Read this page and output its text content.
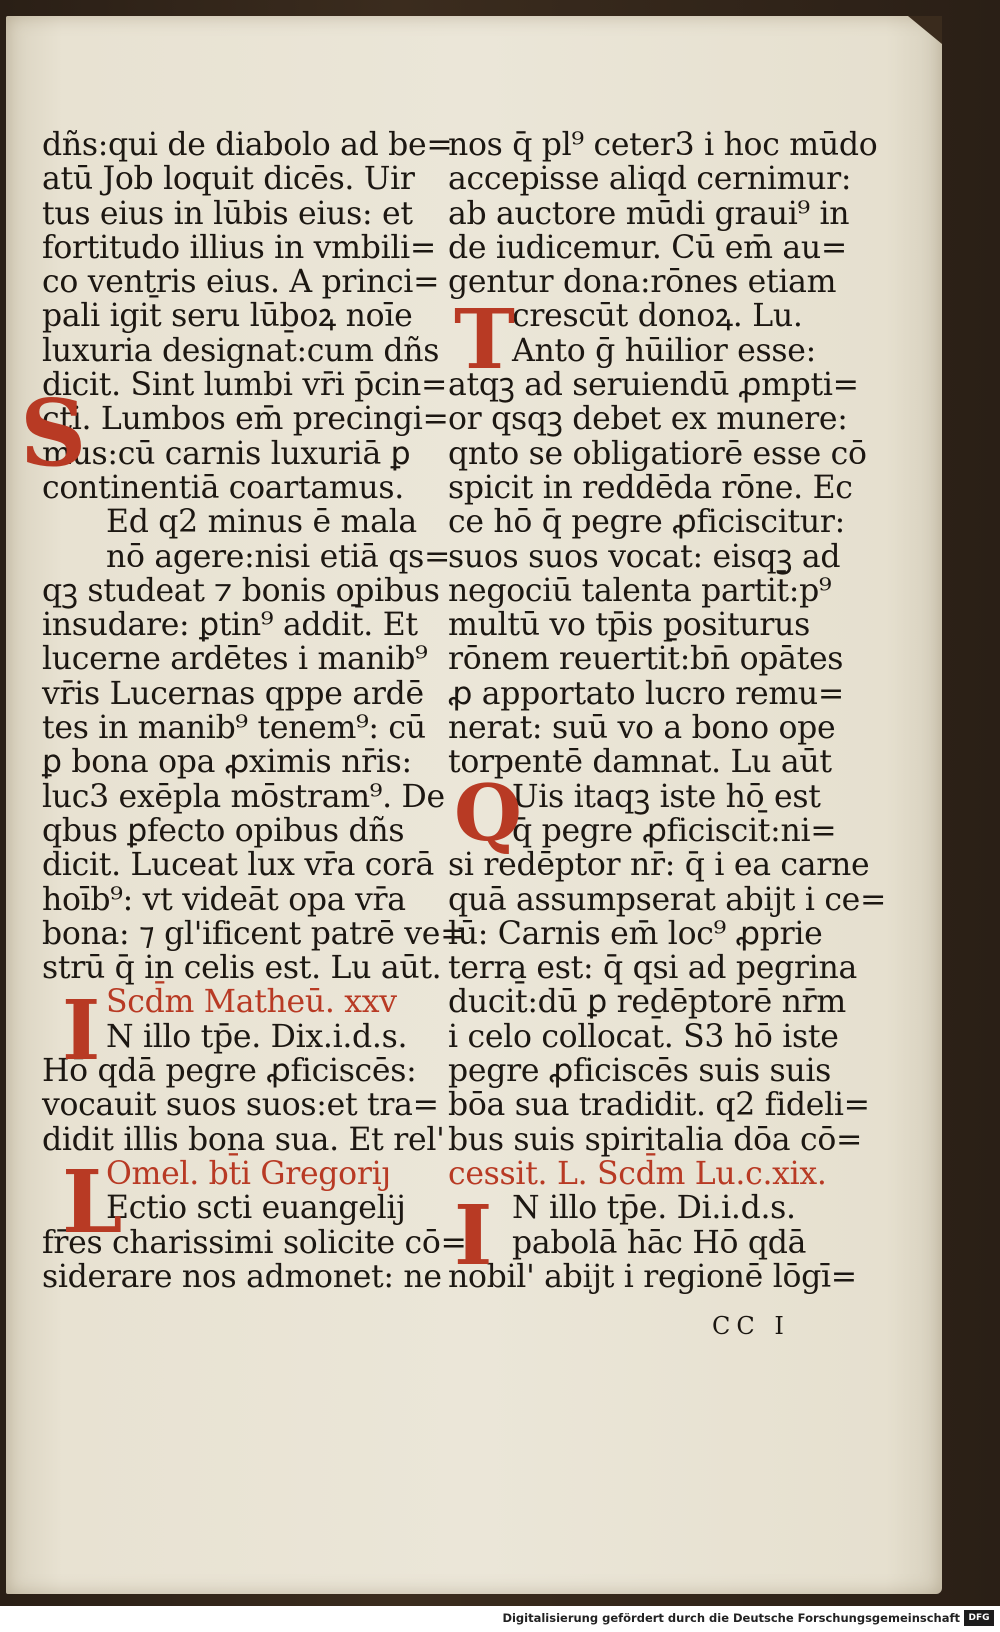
dñs:qui de diabolo ad be=
atū Job loquit dicēs. Uir
tus eius in lūbis eius: et
fortitudo illius in vmbili=
co ventris eius. A princi=
pali igit̄ seru lūboꝝ noīe
luxuria designat̄:cum dñs
dicit. Sint lumbi vr̄i p̄cin=
cti. Lumbos em̄ precingi=
mus:cū carnis luxuriā ꝑ
continentiā coartamus.
Ed q2 minus ē mala
nō agere:nisi etiā qs=
qꝫ studeat ⁊ bonis opibus
insudare: ꝑtin⁹ addit̄. Et
lucerne ardētes i manib⁹
vr̄is Lucernas qppe ardē
tes in manib⁹ tenem⁹: cū
ꝑ bona opa ꝓximis nr̄is:
luc3 exēpla mōstram⁹. De
qbus ꝑfecto opibus dñs
dicit. Luceat lux vr̄a corā
hoīb⁹: vt videāt opa vr̄a
bona: ⁊ gl'ificent patrē ve=
strū q̄ in celis est. Lu aūt.
Scd̄m Matheū. xxv
N illo tp̄e. Dix.i.d.s.
Hō qdā pegre ꝓficiscēs:
vocauit suos suos:et tra=
didit illis bona sua. Et rel'
Omel. bt̄i Gregoriȷ
Ectio scti euangelij
fr̄es charissimi solicite cō=
siderare nos admonet: ne
nos q̄ pl⁹ ceter3 i hoc mūdo
accepisse aliqd cernimur:
ab auctore mūdi graui⁹ in
de iudicemur. Cū em̄ au=
gentur dona:rōnes etiam
crescūt donoꝝ. Lu.
Anto ḡ hūilior esse:
atqꝫ ad seruiendū ꝓmpti=
or qsqꝫ debet ex munere:
qnto se obligatiorē esse cō
spicit in reddēda rōne. Ec
ce hō q̄ pegre ꝓficiscitur:
suos suos vocat: eisqꝫ ad
negociū talenta partit̄:p⁹
multū vo tp̄is positurus
rōnem reuertit̄:bn̄ opātes
ꝓ apportato lucro remu=
nerat: suū vo a bono ope
torpentē damnat. Lu aūt
Uis itaqꝫ iste hō est
q̄ pegre ꝓficiscit̄:ni=
si redēptor nr̄: q̄ i ea carne
quā assumpserat abijt i ce=
lū: Carnis em̄ loc⁹ ꝓprie
terra est: q̄ qsi ad pegrina
ducit̄:dū ꝑ redēptorē nr̄m
i celo collocat̄. S3 hō iste
pegre ꝓficiscēs suis suis
bōa sua tradidit. q2 fideli=
bus suis spiritalia dōa cō=
cessit. L. Scd̄m Lu.c.xix.
N illo tp̄e. Di.i.d.s.
pabolā hāc Hō qdā
nobil' abijt i regionē lōgī=
S
T
Q
I
L	I
CC I
Digitalisierung gefördert durch die Deutsche Forschungsgemeinschaft DFG
